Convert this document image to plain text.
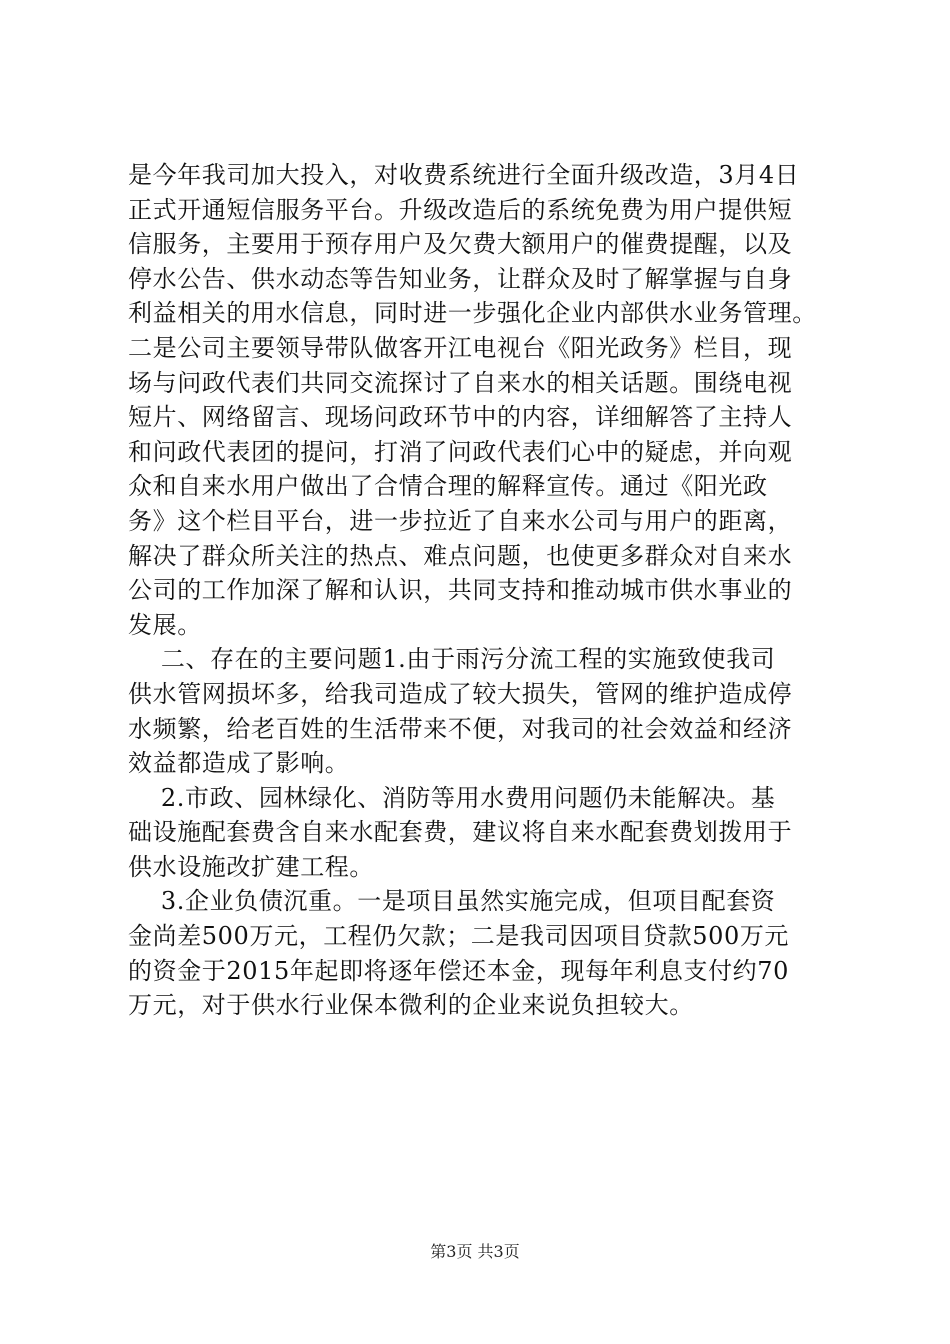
是今年我司加大投入，对收费系统进行全面升级改造，3月4日
正式开通短信服务平台。升级改造后的系统免费为用户提供短
信服务，主要用于预存用户及欠费大额用户的催费提醒，以及
停水公告、供水动态等告知业务，让群众及时了解掌握与自身
利益相关的用水信息，同时进一步强化企业内部供水业务管理。
二是公司主要领导带队做客开江电视台《阳光政务》栏目，现
场与问政代表们共同交流探讨了自来水的相关话题。围绕电视
短片、网络留言、现场问政环节中的内容，详细解答了主持人
和问政代表团的提问，打消了问政代表们心中的疑虑，并向观
众和自来水用户做出了合情合理的解释宣传。通过《阳光政
务》这个栏目平台，进一步拉近了自来水公司与用户的距离，
解决了群众所关注的热点、难点问题，也使更多群众对自来水
公司的工作加深了解和认识，共同支持和推动城市供水事业的
发展。
二、存在的主要问题1.由于雨污分流工程的实施致使我司
供水管网损坏多，给我司造成了较大损失，管网的维护造成停
水频繁，给老百姓的生活带来不便，对我司的社会效益和经济
效益都造成了影响。
2.市政、园林绿化、消防等用水费用问题仍未能解决。基
础设施配套费含自来水配套费，建议将自来水配套费划拨用于
供水设施改扩建工程。
3.企业负债沉重。一是项目虽然实施完成，但项目配套资
金尚差500万元，工程仍欠款；二是我司因项目贷款500万元
的资金于2015年起即将逐年偿还本金，现每年利息支付约70
万元，对于供水行业保本微利的企业来说负担较大。
第3页 共3页
